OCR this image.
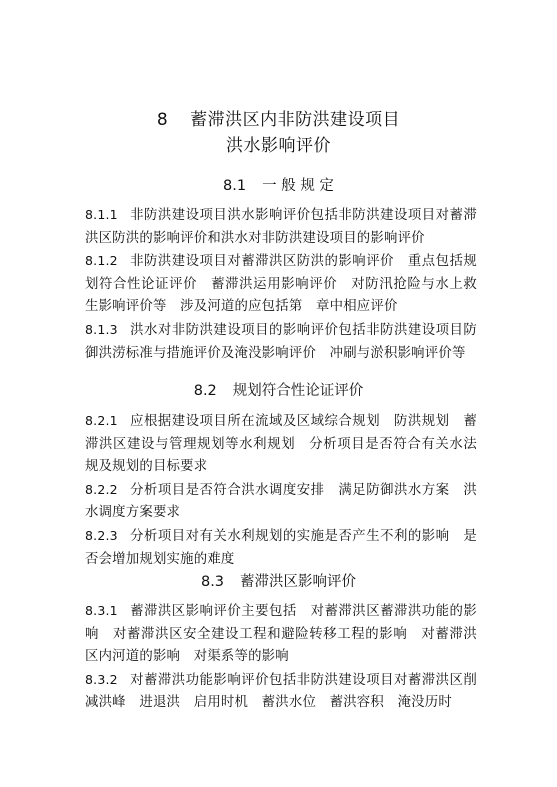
8 蓄滞洪区内非防洪建设项目
洪水影响评价
8.1 一 般 规 定

8.1.1 非防洪建设项目洪水影响评价包括非防洪建设项目对蓄滞洪区防洪的影响评价和洪水对非防洪建设项目的影响评价

8.1.2 非防洪建设项目对蓄滞洪区防洪的影响评价　重点包括规划符合性论证评价　蓄滞洪运用影响评价　对防汛抢险与水上救生影响评价等　涉及河道的应包括第　章中相应评价

8.1.3 洪水对非防洪建设项目的影响评价包括非防洪建设项目防御洪涝标准与措施评价及淹没影响评价　冲刷与淤积影响评价等

8.2 规划符合性论证评价

8.2.1 应根据建设项目所在流域及区域综合规划　防洪规划　蓄滞洪区建设与管理规划等水利规划　分析项目是否符合有关水法规及规划的目标要求

8.2.2 分析项目是否符合洪水调度安排　满足防御洪水方案　洪水调度方案要求

8.2.3 分析项目对有关水利规划的实施是否产生不利的影响　是否会增加规划实施的难度

8.3 蓄滞洪区影响评价

8.3.1 蓄滞洪区影响评价主要包括　对蓄滞洪区蓄滞洪功能的影响　对蓄滞洪区安全建设工程和避险转移工程的影响　对蓄滞洪区内河道的影响　对渠系等的影响

8.3.2 对蓄滞洪功能影响评价包括非防洪建设项目对蓄滞洪区削减洪峰　进退洪　启用时机　蓄洪水位　蓄洪容积　淹没历时
